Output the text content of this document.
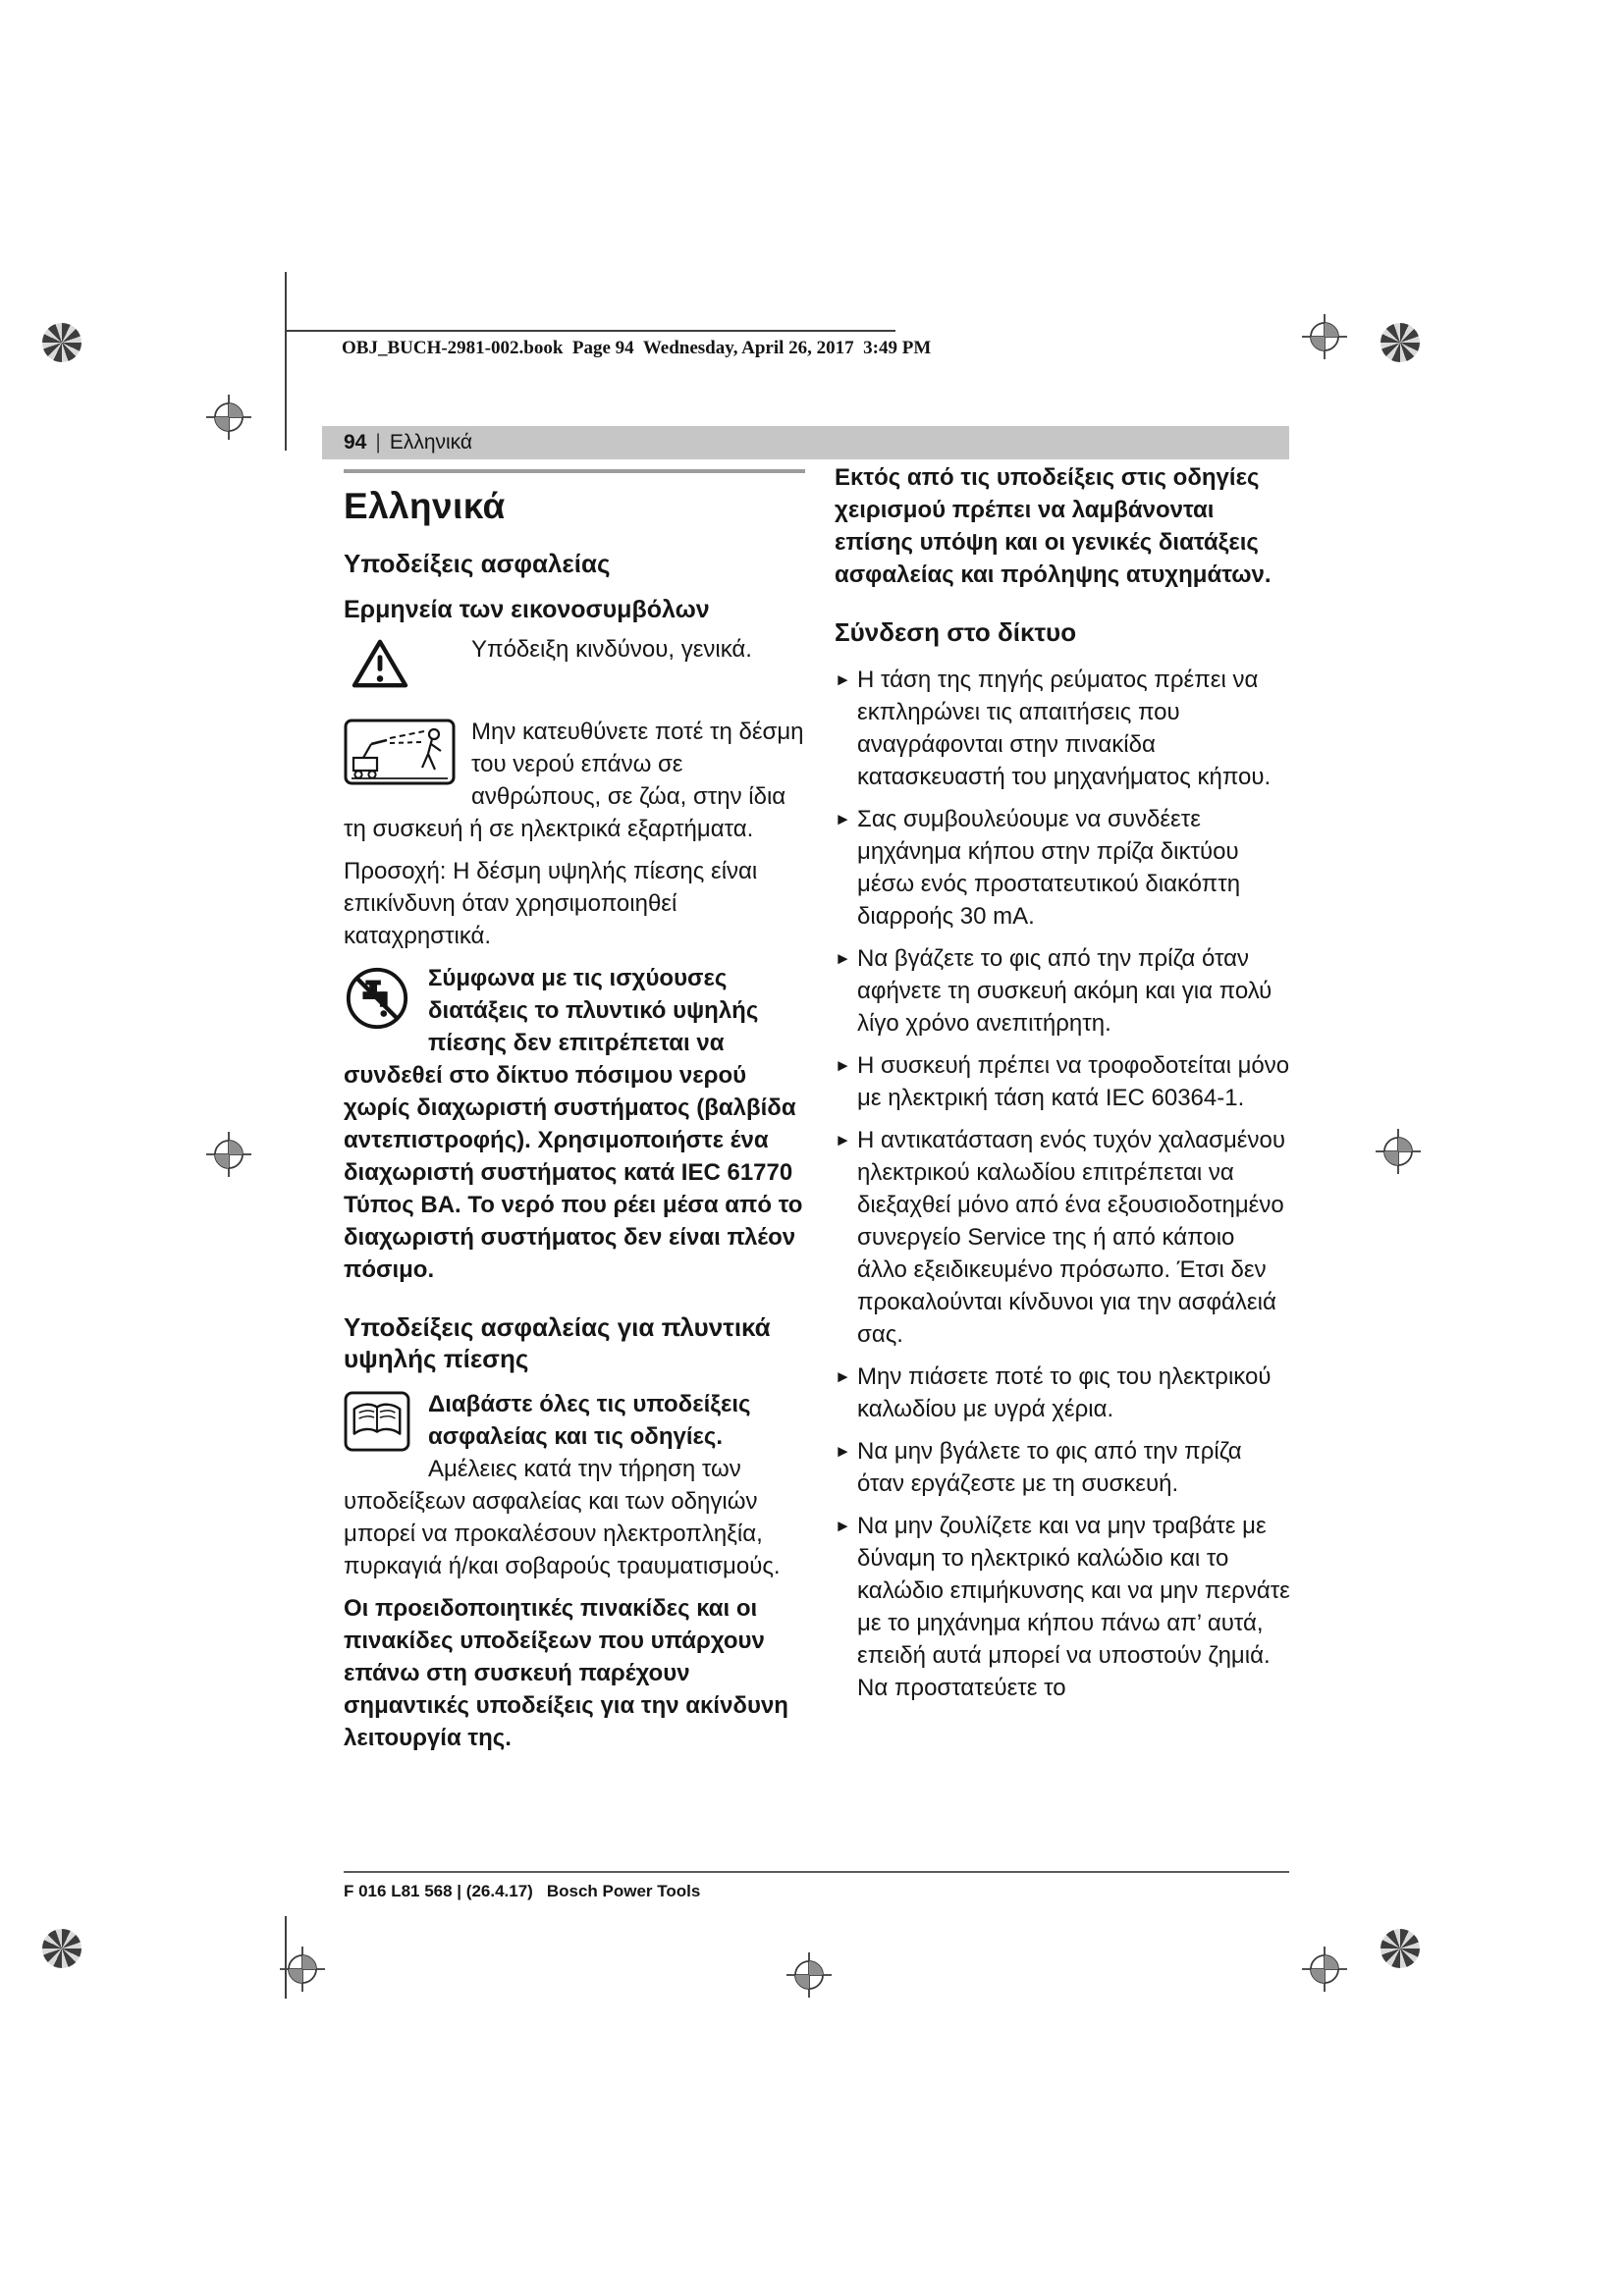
OBJ_BUCH-2981-002.book  Page 94  Wednesday, April 26, 2017  3:49 PM
94 | Ελληνικά
Ελληνικά
Υποδείξεις ασφαλείας
Ερμηνεία των εικονοσυμβόλων
Υπόδειξη κινδύνου, γενικά.
Μην κατευθύνετε ποτέ τη δέσμη του νερού επάνω σε ανθρώπους, σε ζώα, στην ίδια τη συσκευή ή σε ηλεκτρικά εξαρτήματα.
Προσοχή: Η δέσμη υψηλής πίεσης είναι επικίνδυνη όταν χρησιμοποιηθεί καταχρηστικά.
Σύμφωνα με τις ισχύουσες διατάξεις το πλυντικό υψηλής πίεσης δεν επιτρέπεται να συνδεθεί στο δίκτυο πόσιμου νερού χωρίς διαχωριστή συστήματος (βαλβίδα αντεπιστροφής). Χρησιμοποιήστε ένα διαχωριστή συστήματος κατά IEC 61770 Τύπος BA. Το νερό που ρέει μέσα από το διαχωριστή συστήματος δεν είναι πλέον πόσιμο.
Υποδείξεις ασφαλείας για πλυντικά υψηλής πίεσης
Διαβάστε όλες τις υποδείξεις ασφαλείας και τις οδηγίες. Αμέλειες κατά την τήρηση των υποδείξεων ασφαλείας και των οδηγιών μπορεί να προκαλέσουν ηλεκτροπληξία, πυρκαγιά ή/και σοβαρούς τραυματισμούς.
Οι προειδοποιητικές πινακίδες και οι πινακίδες υποδείξεων που υπάρχουν επάνω στη συσκευή παρέχουν σημαντικές υποδείξεις για την ακίνδυνη λειτουργία της.
Εκτός από τις υποδείξεις στις οδηγίες χειρισμού πρέπει να λαμβάνονται επίσης υπόψη και οι γενικές διατάξεις ασφαλείας και πρόληψης ατυχημάτων.
Σύνδεση στο δίκτυο
► Η τάση της πηγής ρεύματος πρέπει να εκπληρώνει τις απαιτήσεις που αναγράφονται στην πινακίδα κατασκευαστή του μηχανήματος κήπου.
► Σας συμβουλεύουμε να συνδέετε μηχάνημα κήπου στην πρίζα δικτύου μέσω ενός προστατευτικού διακόπτη διαρροής 30 mA.
► Να βγάζετε το φις από την πρίζα όταν αφήνετε τη συσκευή ακόμη και για πολύ λίγο χρόνο ανεπιτήρητη.
► Η συσκευή πρέπει να τροφοδοτείται μόνο με ηλεκτρική τάση κατά IEC 60364-1.
► Η αντικατάσταση ενός τυχόν χαλασμένου ηλεκτρικού καλωδίου επιτρέπεται να διεξαχθεί μόνο από ένα εξουσιοδοτημένο συνεργείο Service της ή από κάποιο άλλο εξειδικευμένο πρόσωπο. Έτσι δεν προκαλούνται κίνδυνοι για την ασφάλειά σας.
► Μην πιάσετε ποτέ το φις του ηλεκτρικού καλωδίου με υγρά χέρια.
► Να μην βγάλετε το φις από την πρίζα όταν εργάζεστε με τη συσκευή.
► Να μην ζουλίζετε και να μην τραβάτε με δύναμη το ηλεκτρικό καλώδιο και το καλώδιο επιμήκυνσης και να μην περνάτε με το μηχάνημα κήπου πάνω απ’ αυτά, επειδή αυτά μπορεί να υποστούν ζημιά. Να προστατεύετε το
F 016 L81 568 | (26.4.17) Bosch Power Tools
